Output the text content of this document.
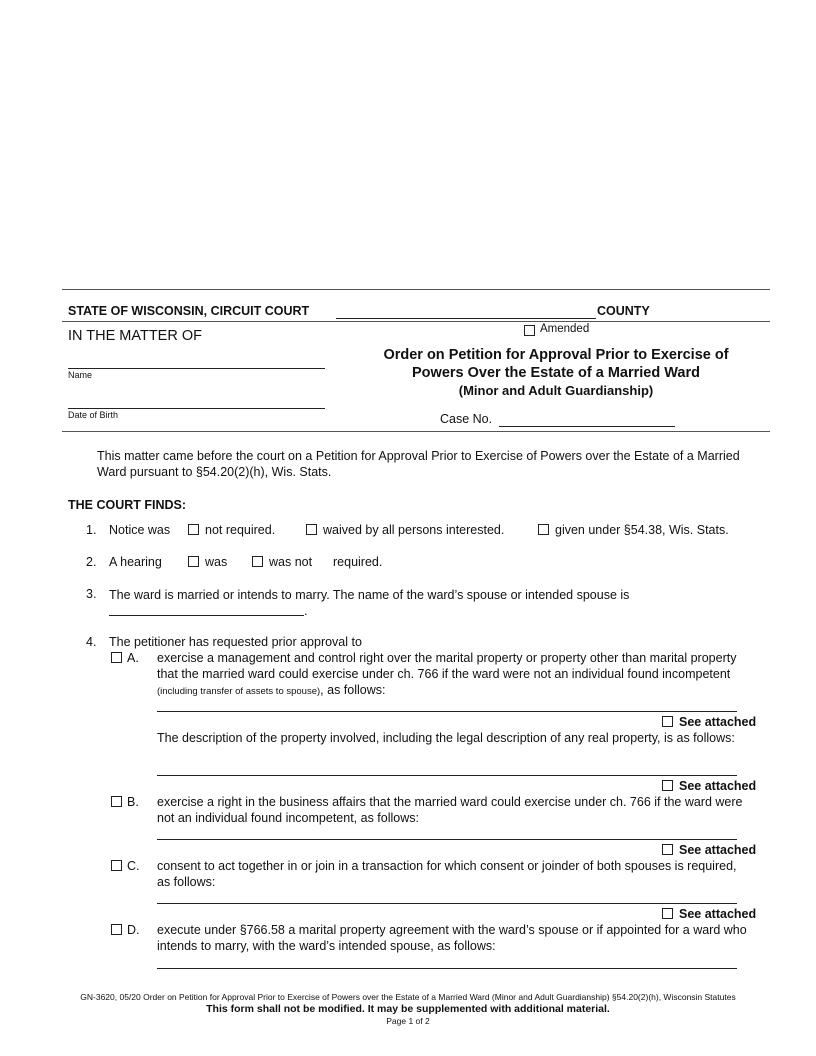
STATE OF WISCONSIN, CIRCUIT COURT	COUNTY
Amended
IN THE MATTER OF
Name
Date of Birth
Order on Petition for Approval Prior to Exercise of
Powers Over the Estate of a Married Ward
(Minor and Adult Guardianship)
Case No.
This matter came before the court on a Petition for Approval Prior to Exercise of Powers over the Estate of a Married Ward pursuant to §54.20(2)(h), Wis. Stats.
THE COURT FINDS:
1. Notice was	not required.	waived by all persons interested.	given under §54.38, Wis. Stats.
2. A hearing	was	was not required.
3. The ward is married or intends to marry. The name of the ward’s spouse or intended spouse is
.
4. The petitioner has requested prior approval to
A. exercise a management and control right over the marital property or property other than marital property that the married ward could exercise under ch. 766 if the ward were not an individual found incompetent (including transfer of assets to spouse), as follows:
See attached
The description of the property involved, including the legal description of any real property, is as follows:
See attached
B. exercise a right in the business affairs that the married ward could exercise under ch. 766 if the ward were not an individual found incompetent, as follows:
See attached
C. consent to act together in or join in a transaction for which consent or joinder of both spouses is required, as follows:
See attached
D. execute under §766.58 a marital property agreement with the ward’s spouse or if appointed for a ward who intends to marry, with the ward’s intended spouse, as follows:
GN-3620, 05/20 Order on Petition for Approval Prior to Exercise of Powers over the Estate of a Married Ward (Minor and Adult Guardianship) §54.20(2)(h), Wisconsin Statutes
This form shall not be modified. It may be supplemented with additional material.
Page 1 of 2
